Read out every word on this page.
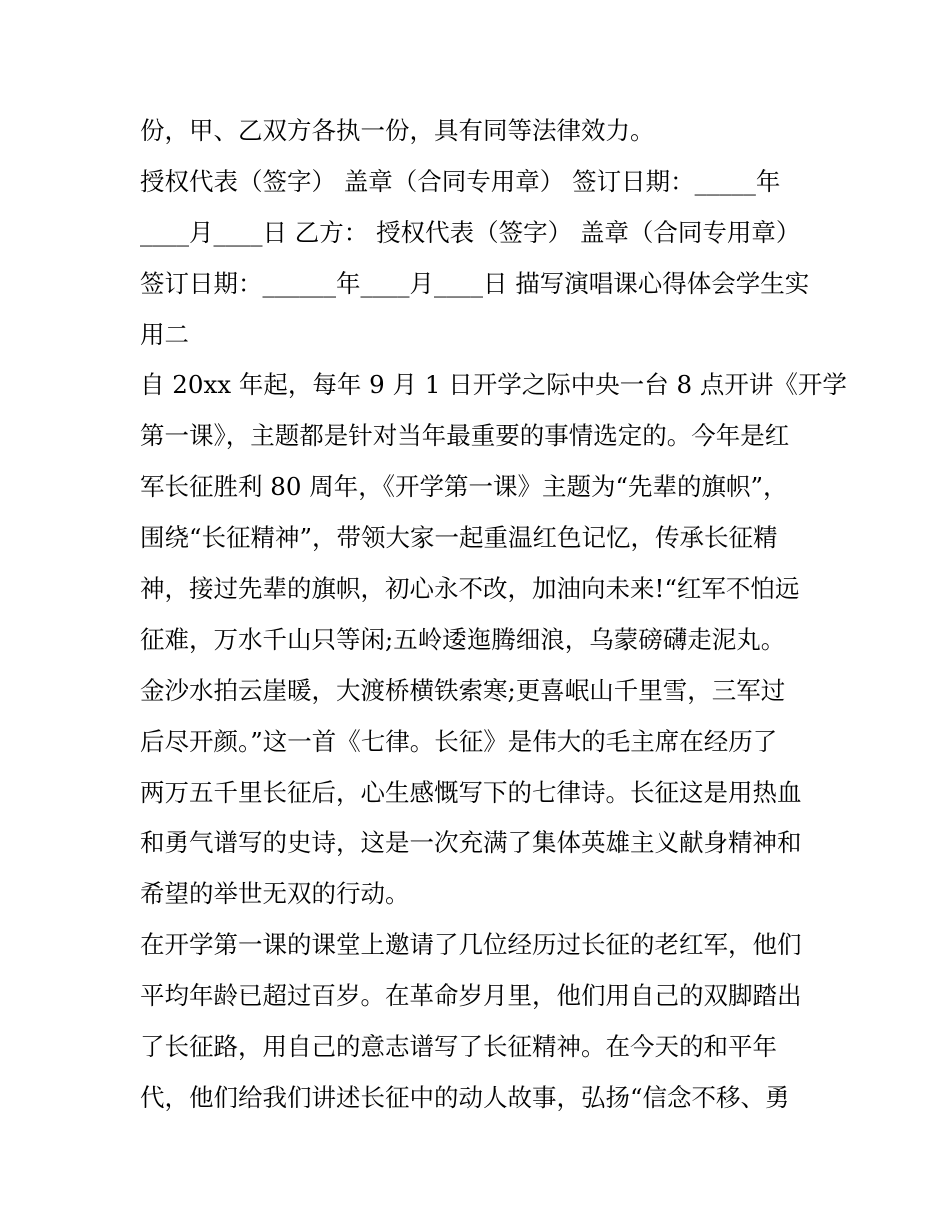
份，甲、乙双方各执一份，具有同等法律效力。
授权代表（签字） 盖章（合同专用章） 签订日期：_____年
____月____日 乙方： 授权代表（签字） 盖章（合同专用章）
签订日期：______年____月____日 描写演唱课心得体会学生实
用二
自 20xx 年起，每年 9 月 1 日开学之际中央一台 8 点开讲《开学
第一课》，主题都是针对当年最重要的事情选定的。今年是红
军长征胜利 80 周年，《开学第一课》主题为“先辈的旗帜”，
围绕“长征精神”，带领大家一起重温红色记忆，传承长征精
神，接过先辈的旗帜，初心永不改，加油向未来!“红军不怕远
征难，万水千山只等闲;五岭逶迤腾细浪，乌蒙磅礴走泥丸。
金沙水拍云崖暖，大渡桥横铁索寒;更喜岷山千里雪，三军过
后尽开颜。”这一首《七律。长征》是伟大的毛主席在经历了
两万五千里长征后，心生感慨写下的七律诗。长征这是用热血
和勇气谱写的史诗，这是一次充满了集体英雄主义献身精神和
希望的举世无双的行动。
在开学第一课的课堂上邀请了几位经历过长征的老红军，他们
平均年龄已超过百岁。在革命岁月里，他们用自己的双脚踏出
了长征路，用自己的意志谱写了长征精神。在今天的和平年
代，他们给我们讲述长征中的动人故事，弘扬“信念不移、勇
